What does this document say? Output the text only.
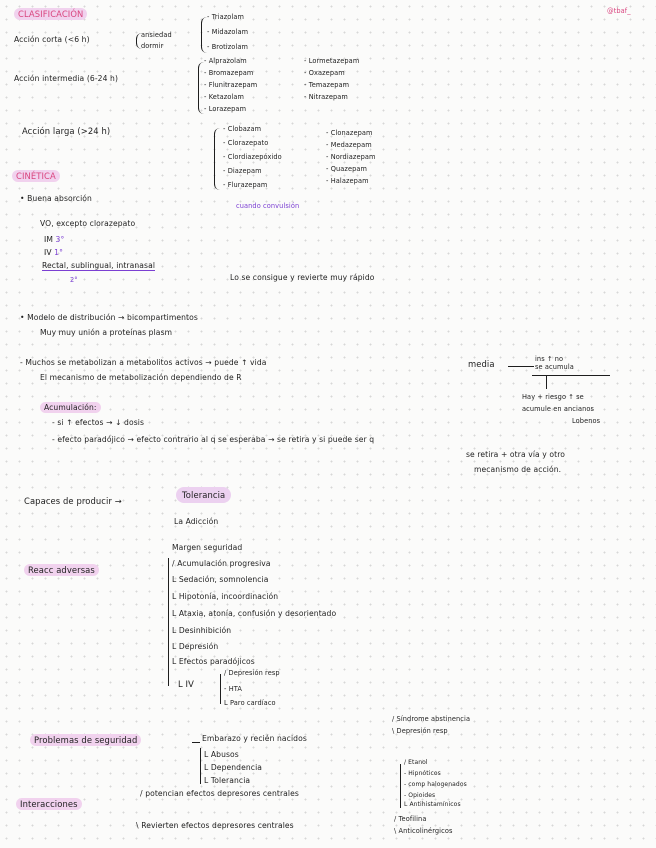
@tbaf_
CLASIFICACIÓN
Acción corta (<6 h)	ansiedad
dormir
- Triazolam
- Midazolam
- Brotizolam
Acción intermedia (6-24 h)
- Alprazolam
- Bromazepam
- Flunitrazepam
- Ketazolam
- Lorazepam
- Lormetazepam
- Oxazepam
- Temazepam
- Nitrazepam
Acción larga (>24 h)	- Clobazam
- Clorazepato
- Clordiazepóxido
- Diazepam
- Flurazepam
- Clonazepam
- Medazepam
- Nordiazepam
- Quazepam
- Halazepam
CINÉTICA
• Buena absorción
cuando convulsión
VO, excepto clorazepato
IM 3°
IV 1°
Rectal, sublingual, intranasal
2°	Lo se consigue y revierte muy rápido
• Modelo de distribución → bicompartimentos
Muy muy unión a proteínas plasm
- Muchos se metabolizan a metabolitos activos → puede ↑ vida	media	ins ↑ no
se acumula
El mecanismo de metabolización dependiendo de R
Hay + riesgo ↑ se
acumule en ancianos
Lobenos
Acumulación:
- si ↑ efectos → ↓ dosis
- efecto paradójico → efecto contrario al q se esperaba → se retira y si puede ser q
se retira + otra vía y otro
mecanismo de acción.
Capaces de producir →
Tolerancia
La Adicción
Reacc adversas
Margen seguridad
/ Acumulación progresiva
L Sedación, somnolencia
L Hipotonía, incoordinación
L Ataxia, atonía, confusión y desorientado
L Desinhibición
L Depresión
L Efectos paradójicos
L IV
/ Depresión resp
- HTA
L Paro cardíaco
Problemas de seguridad	Embarazo y recién nacidos
/ Síndrome abstinencia
\ Depresión resp
L Abusos
L Dependencia
L Tolerancia
Interacciones
/ potencian efectos depresores centrales
/ Etanol
- Hipnóticos
- comp halogenados
- Opioides
L Antihistamínicos
\ Revierten efectos depresores centrales
/ Teofilina
\ Anticolinérgicos
